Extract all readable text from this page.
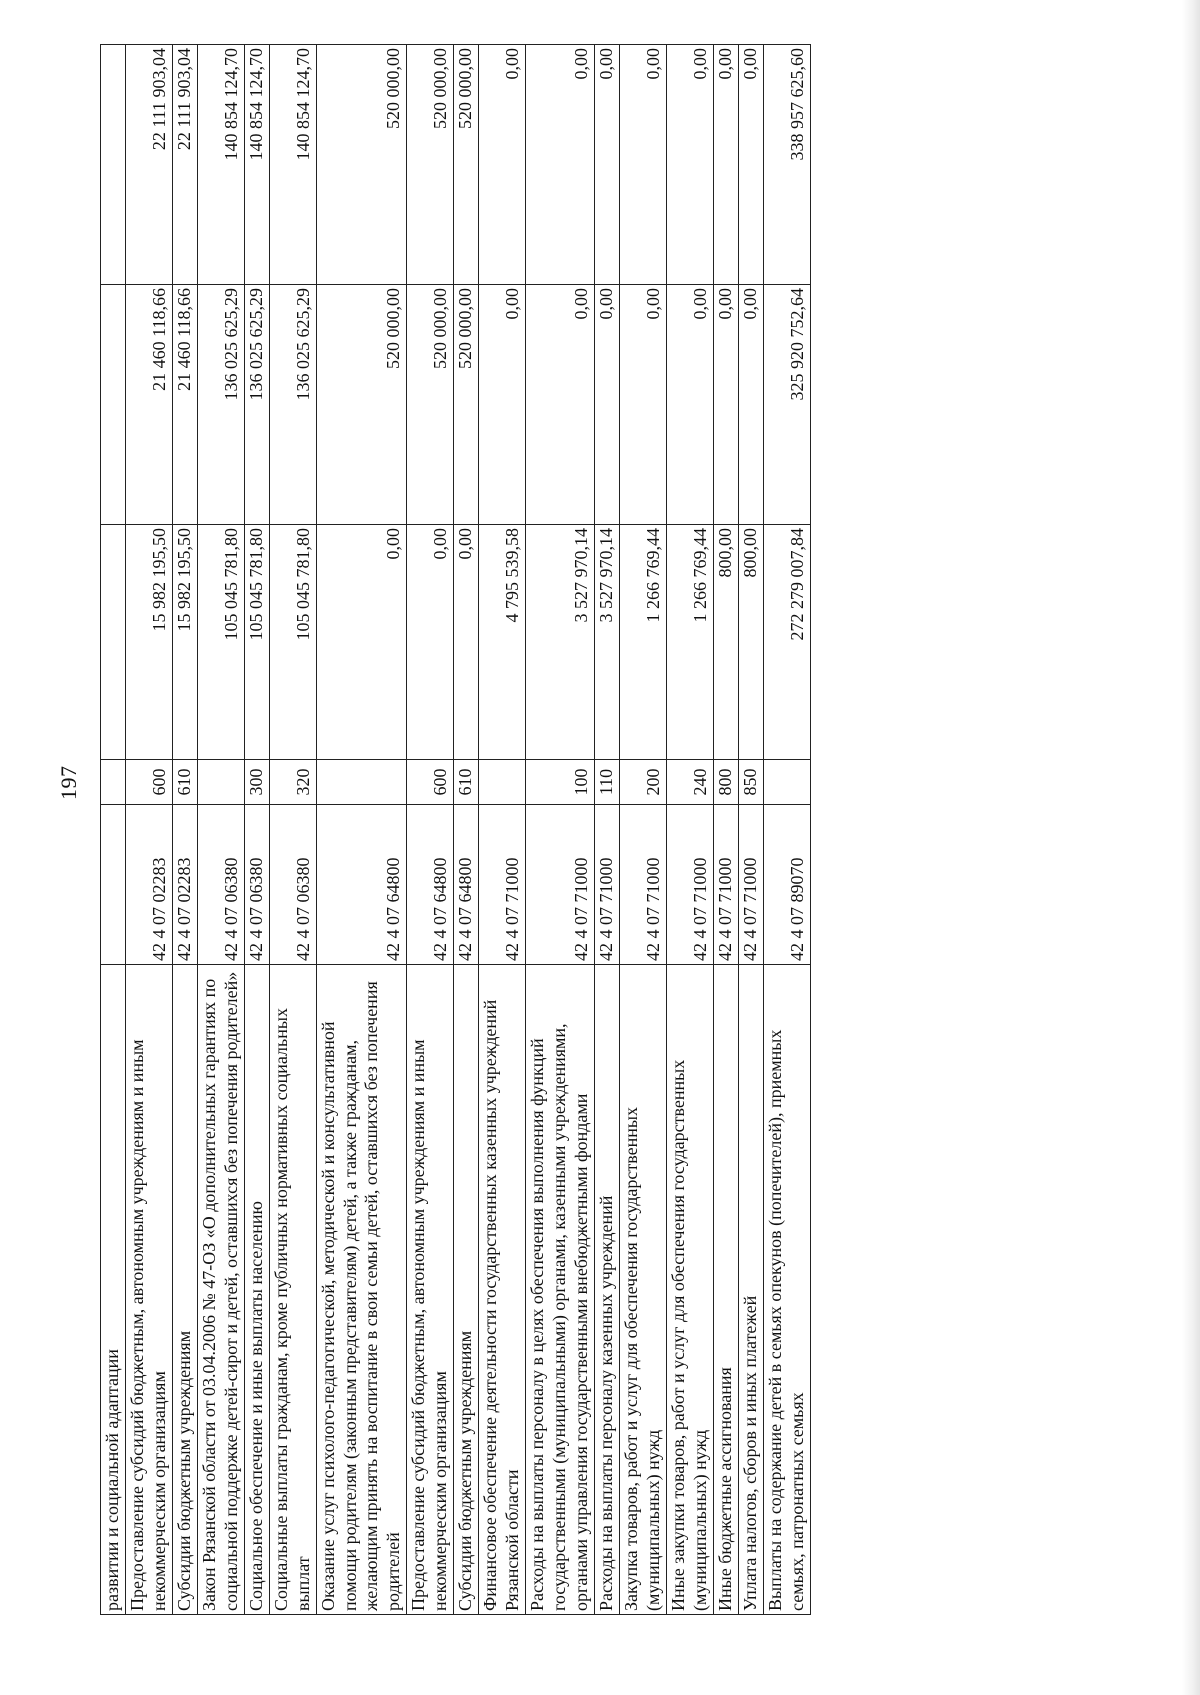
197
развитии и социальной адаптации					
Предоставление субсидий бюджетным, автономным учреждениям и иным некоммерческим организациям	42 4 07 02283	600	15 982 195,50	21 460 118,66	22 111 903,04
Субсидии бюджетным учреждениям	42 4 07 02283	610	15 982 195,50	21 460 118,66	22 111 903,04
Закон Рязанской области от 03.04.2006 № 47-ОЗ «О дополнительных гарантиях по социальной поддержке детей-сирот и детей, оставшихся без попечения родителей»	42 4 07 06380		105 045 781,80	136 025 625,29	140 854 124,70
Социальное обеспечение и иные выплаты населению	42 4 07 06380	300	105 045 781,80	136 025 625,29	140 854 124,70
Социальные выплаты гражданам, кроме публичных нормативных социальных выплат	42 4 07 06380	320	105 045 781,80	136 025 625,29	140 854 124,70
Оказание услуг психолого-педагогической, методической и консультативной помощи родителям (законным представителям) детей, а также гражданам, желающим принять на воспитание в свои семьи детей, оставшихся без попечения родителей	42 4 07 64800		0,00	520 000,00	520 000,00
Предоставление субсидий бюджетным, автономным учреждениям и иным некоммерческим организациям	42 4 07 64800	600	0,00	520 000,00	520 000,00
Субсидии бюджетным учреждениям	42 4 07 64800	610	0,00	520 000,00	520 000,00
Финансовое обеспечение деятельности государственных казенных учреждений Рязанской области	42 4 07 71000		4 795 539,58	0,00	0,00
Расходы на выплаты персоналу в целях обеспечения выполнения функций государственными (муниципальными) органами, казенными учреждениями, органами управления государственными внебюджетными фондами	42 4 07 71000	100	3 527 970,14	0,00	0,00
Расходы на выплаты персоналу казенных учреждений	42 4 07 71000	110	3 527 970,14	0,00	0,00
Закупка товаров, работ и услуг для обеспечения государственных (муниципальных) нужд	42 4 07 71000	200	1 266 769,44	0,00	0,00
Иные закупки товаров, работ и услуг для обеспечения государственных (муниципальных) нужд	42 4 07 71000	240	1 266 769,44	0,00	0,00
Иные бюджетные ассигнования	42 4 07 71000	800	800,00	0,00	0,00
Уплата налогов, сборов и иных платежей	42 4 07 71000	850	800,00	0,00	0,00
Выплаты на содержание детей в семьях опекунов (попечителей), приемных семьях, патронатных семьях	42 4 07 89070		272 279 007,84	325 920 752,64	338 957 625,60
